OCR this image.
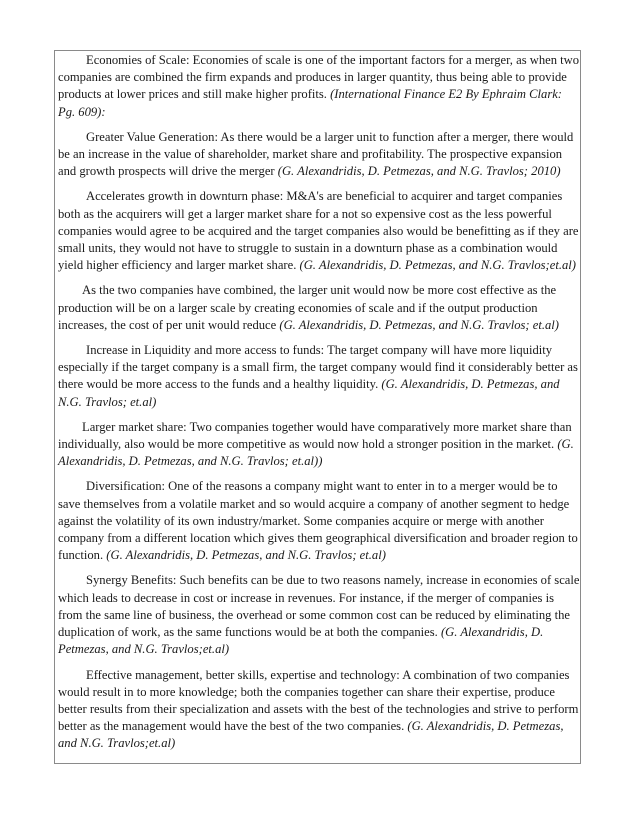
Economies of Scale: Economies of scale is one of the important factors for a merger, as when two companies are combined the firm expands and produces in larger quantity, thus being able to provide products at lower prices and still make higher profits. (International Finance E2 By Ephraim Clark: Pg. 609):

Greater Value Generation: As there would be a larger unit to function after a merger, there would be an increase in the value of shareholder, market share and profitability. The prospective expansion and growth prospects will drive the merger (G. Alexandridis, D. Petmezas, and N.G. Travlos; 2010)

Accelerates growth in downturn phase: M&A's are beneficial to acquirer and target companies both as the acquirers will get a larger market share for a not so expensive cost as the less powerful companies would agree to be acquired and the target companies also would be benefitting as if they are small units, they would not have to struggle to sustain in a downturn phase as a combination would yield higher efficiency and larger market share. (G. Alexandridis, D. Petmezas, and N.G. Travlos;et.al)

As the two companies have combined, the larger unit would now be more cost effective as the production will be on a larger scale by creating economies of scale and if the output production increases, the cost of per unit would reduce (G. Alexandridis, D. Petmezas, and N.G. Travlos; et.al)

Increase in Liquidity and more access to funds: The target company will have more liquidity especially if the target company is a small firm, the target company would find it considerably better as there would be more access to the funds and a healthy liquidity. (G. Alexandridis, D. Petmezas, and N.G. Travlos; et.al)

Larger market share: Two companies together would have comparatively more market share than individually, also would be more competitive as would now hold a stronger position in the market. (G. Alexandridis, D. Petmezas, and N.G. Travlos; et.al))

Diversification: One of the reasons a company might want to enter in to a merger would be to save themselves from a volatile market and so would acquire a company of another segment to hedge against the volatility of its own industry/market. Some companies acquire or merge with another company from a different location which gives them geographical diversification and broader region to function. (G. Alexandridis, D. Petmezas, and N.G. Travlos; et.al)

Synergy Benefits: Such benefits can be due to two reasons namely, increase in economies of scale which leads to decrease in cost or increase in revenues. For instance, if the merger of companies is from the same line of business, the overhead or some common cost can be reduced by eliminating the duplication of work, as the same functions would be at both the companies. (G. Alexandridis, D. Petmezas, and N.G. Travlos;et.al)

Effective management, better skills, expertise and technology: A combination of two companies would result in to more knowledge; both the companies together can share their expertise, produce better results from their specialization and assets with the best of the technologies and strive to perform better as the management would have the best of the two companies. (G. Alexandridis, D. Petmezas, and N.G. Travlos;et.al)
